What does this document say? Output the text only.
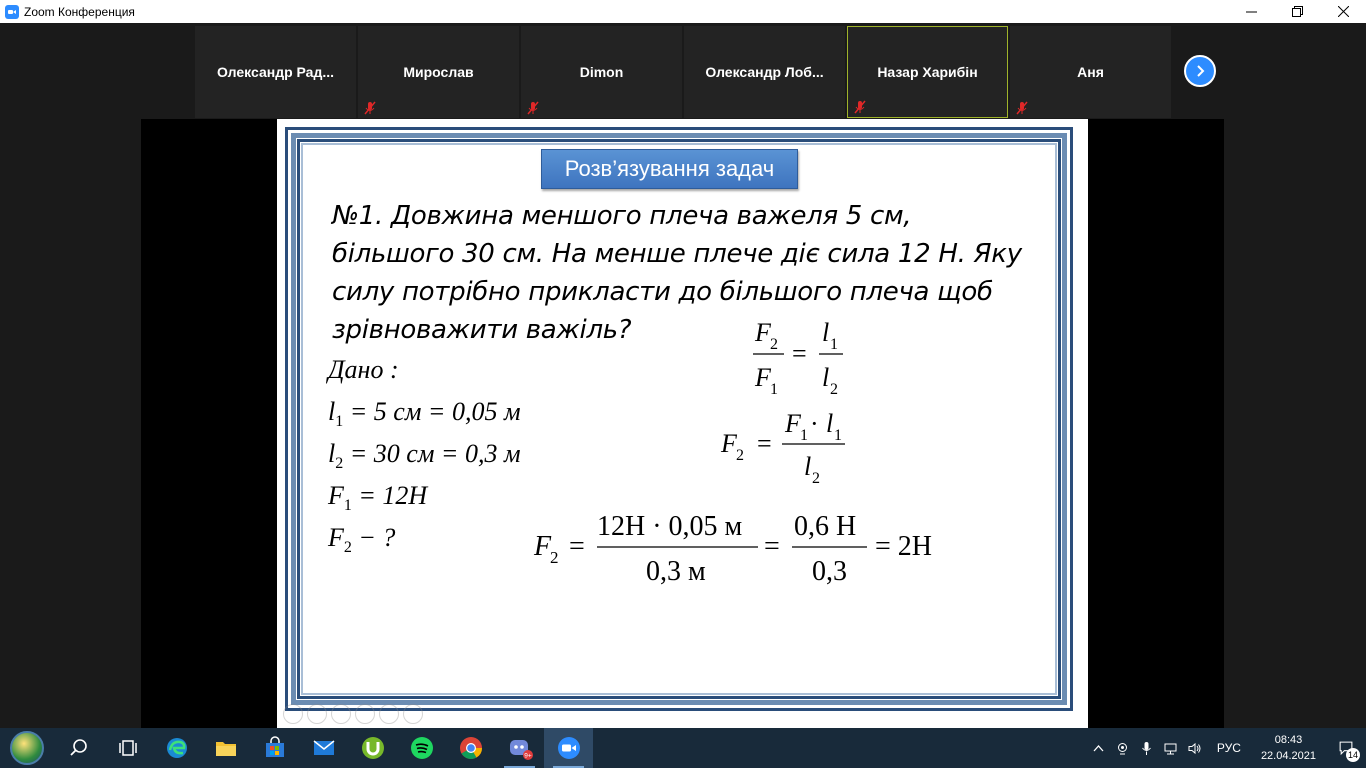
Zoom Конференция
Олександр Рад...	Мирослав	Dimon	Олександр Лоб...	Назар Харибін	Аня
Розв’язування задач
№1. Довжина меншого плеча важеля 5 см, більшого 30 см. На менше плече діє сила 12 Н. Яку силу потрібно прикласти до більшого плеча щоб зрівноважити важіль?
Дано :
$l_1 = 5$ см = 0,05 м
$l_2 = 30$ см = 0,3 м
$F_1 = 12Н$
$F_2$ − ?
F 2
F 1
=
l 1
l 2
F 2 =
F 1 · l 1
l 2
F
2 =
12Н · 0,05 м
0,3 м
=
0,6 Н
0,3
= 2Н
9+
РУС
08:43
22.04.2021	14
